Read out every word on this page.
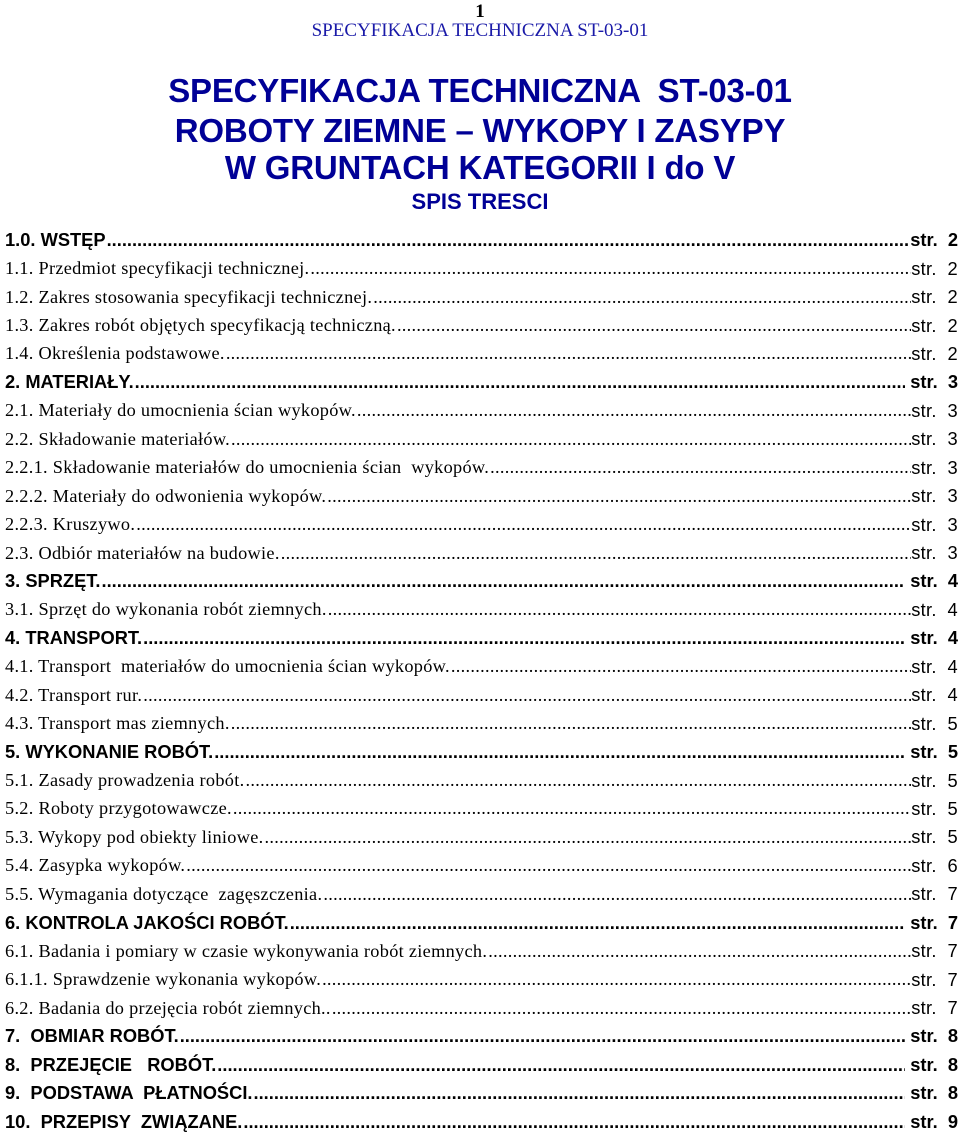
1
SPECYFIKACJA TECHNICZNA ST-03-01
SPECYFIKACJA TECHNICZNA  ST-03-01
ROBOTY ZIEMNE – WYKOPY I ZASYPY
W GRUNTACH KATEGORII I do V
SPIS TRESCI
1.0. WSTĘP .....	str.  2
1.1. Przedmiot specyfikacji technicznej. .....	str.  2
1.2. Zakres stosowania specyfikacji technicznej. .....	str.  2
1.3. Zakres robót objętych specyfikacją techniczną. .....	str.  2
1.4. Określenia podstawowe. .....	str.  2
2. MATERIAŁY. .....	str.  3
2.1. Materiały do umocnienia ścian wykopów. .....	str.  3
2.2. Składowanie materiałów. .....	str.  3
2.2.1. Składowanie materiałów do umocnienia ścian  wykopów. .....	str.  3
2.2.2. Materiały do odwonienia wykopów. .....	str.  3
2.2.3. Kruszywo. .....	str.  3
2.3. Odbiór materiałów na budowie. .....	str.  3
3. SPRZĘT. .....	str.  4
3.1. Sprzęt do wykonania robót ziemnych. .....	str.  4
4. TRANSPORT. .....	str.  4
4.1. Transport  materiałów do umocnienia ścian wykopów. .....	str.  4
4.2. Transport rur. .....	str.  4
4.3. Transport mas ziemnych. .....	str.  5
5. WYKONANIE ROBÓT. .....	str.  5
5.1. Zasady prowadzenia robót. .....	str.  5
5.2. Roboty przygotowawcze. .....	str.  5
5.3. Wykopy pod obiekty liniowe. .....	str.  5
5.4. Zasypka wykopów. .....	str.  6
5.5. Wymagania dotyczące  zagęszczenia. .....	str.  7
6. KONTROLA JAKOŚCI ROBÓT. .....	str.  7
6.1. Badania i pomiary w czasie wykonywania robót ziemnych. .....	str.  7
6.1.1. Sprawdzenie wykonania wykopów. .....	str.  7
6.2. Badania do przejęcia robót ziemnych.. .....	str.  7
7.  OBMIAR ROBÓT. .....	str.  8
8.  PRZEJĘCIE   ROBÓT. .....	str.  8
9.  PODSTAWA  PŁATNOŚCI. .....	str.  8
10.  PRZEPISY  ZWIĄZANE. .....	str.  9
